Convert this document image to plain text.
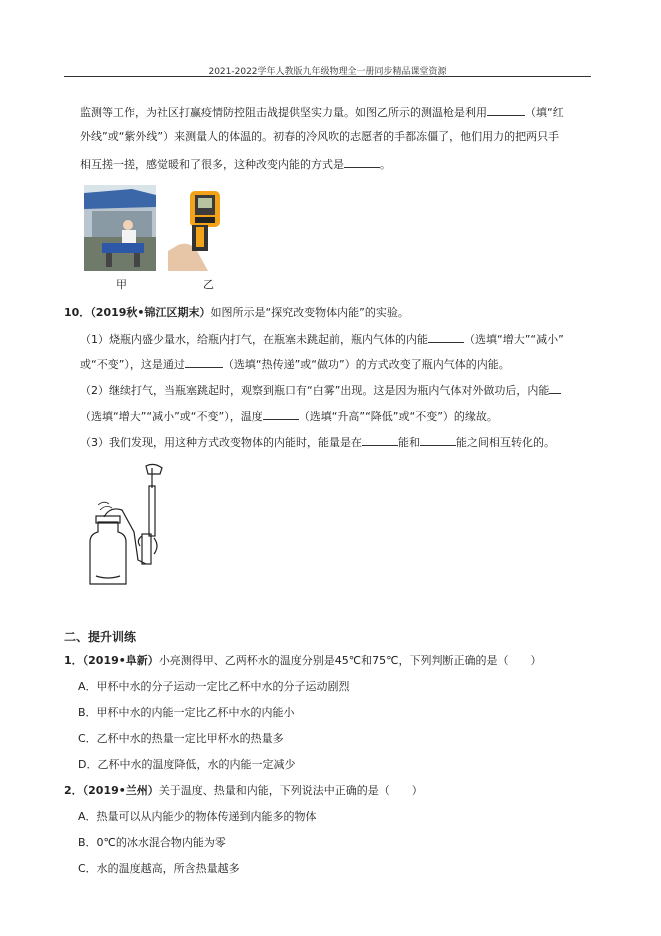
2021-2022学年人教版九年级物理全一册同步精品课堂资源
监测等工作，为社区打赢疫情防控阻击战提供坚实力量。如图乙所示的测温枪是利用	（填“红
外线”或“紫外线”）来测量人的体温的。初春的冷风吹的志愿者的手都冻僵了，他们用力的把两只手
相互搓一搓，感觉暖和了很多，这种改变内能的方式是	。
甲	乙
10．（2019秋•锦江区期末）如图所示是“探究改变物体内能”的实验。
（1）烧瓶内盛少量水，给瓶内打气，在瓶塞未跳起前，瓶内气体的内能	（选填“增大”“减小”
或“不变”），这是通过	（选填“热传递”或“做功”）的方式改变了瓶内气体的内能。
（2）继续打气，当瓶塞跳起时，观察到瓶口有“白雾”出现。这是因为瓶内气体对外做功后，内能
（选填“增大”“减小”或“不变”），温度	（选填“升高”“降低”或“不变”）的缘故。
（3）我们发现，用这种方式改变物体的内能时，能量是在	能和	能之间相互转化的。
二、提升训练
1．（2019•阜新）小亮测得甲、乙两杯水的温度分别是45℃和75℃，下列判断正确的是（　　）
A．甲杯中水的分子运动一定比乙杯中水的分子运动剧烈
B．甲杯中水的内能一定比乙杯中水的内能小
C．乙杯中水的热量一定比甲杯水的热量多
D．乙杯中水的温度降低，水的内能一定减少
2．（2019•兰州）关于温度、热量和内能，下列说法中正确的是（　　）
A．热量可以从内能少的物体传递到内能多的物体
B．0℃的冰水混合物内能为零
C．水的温度越高，所含热量越多
